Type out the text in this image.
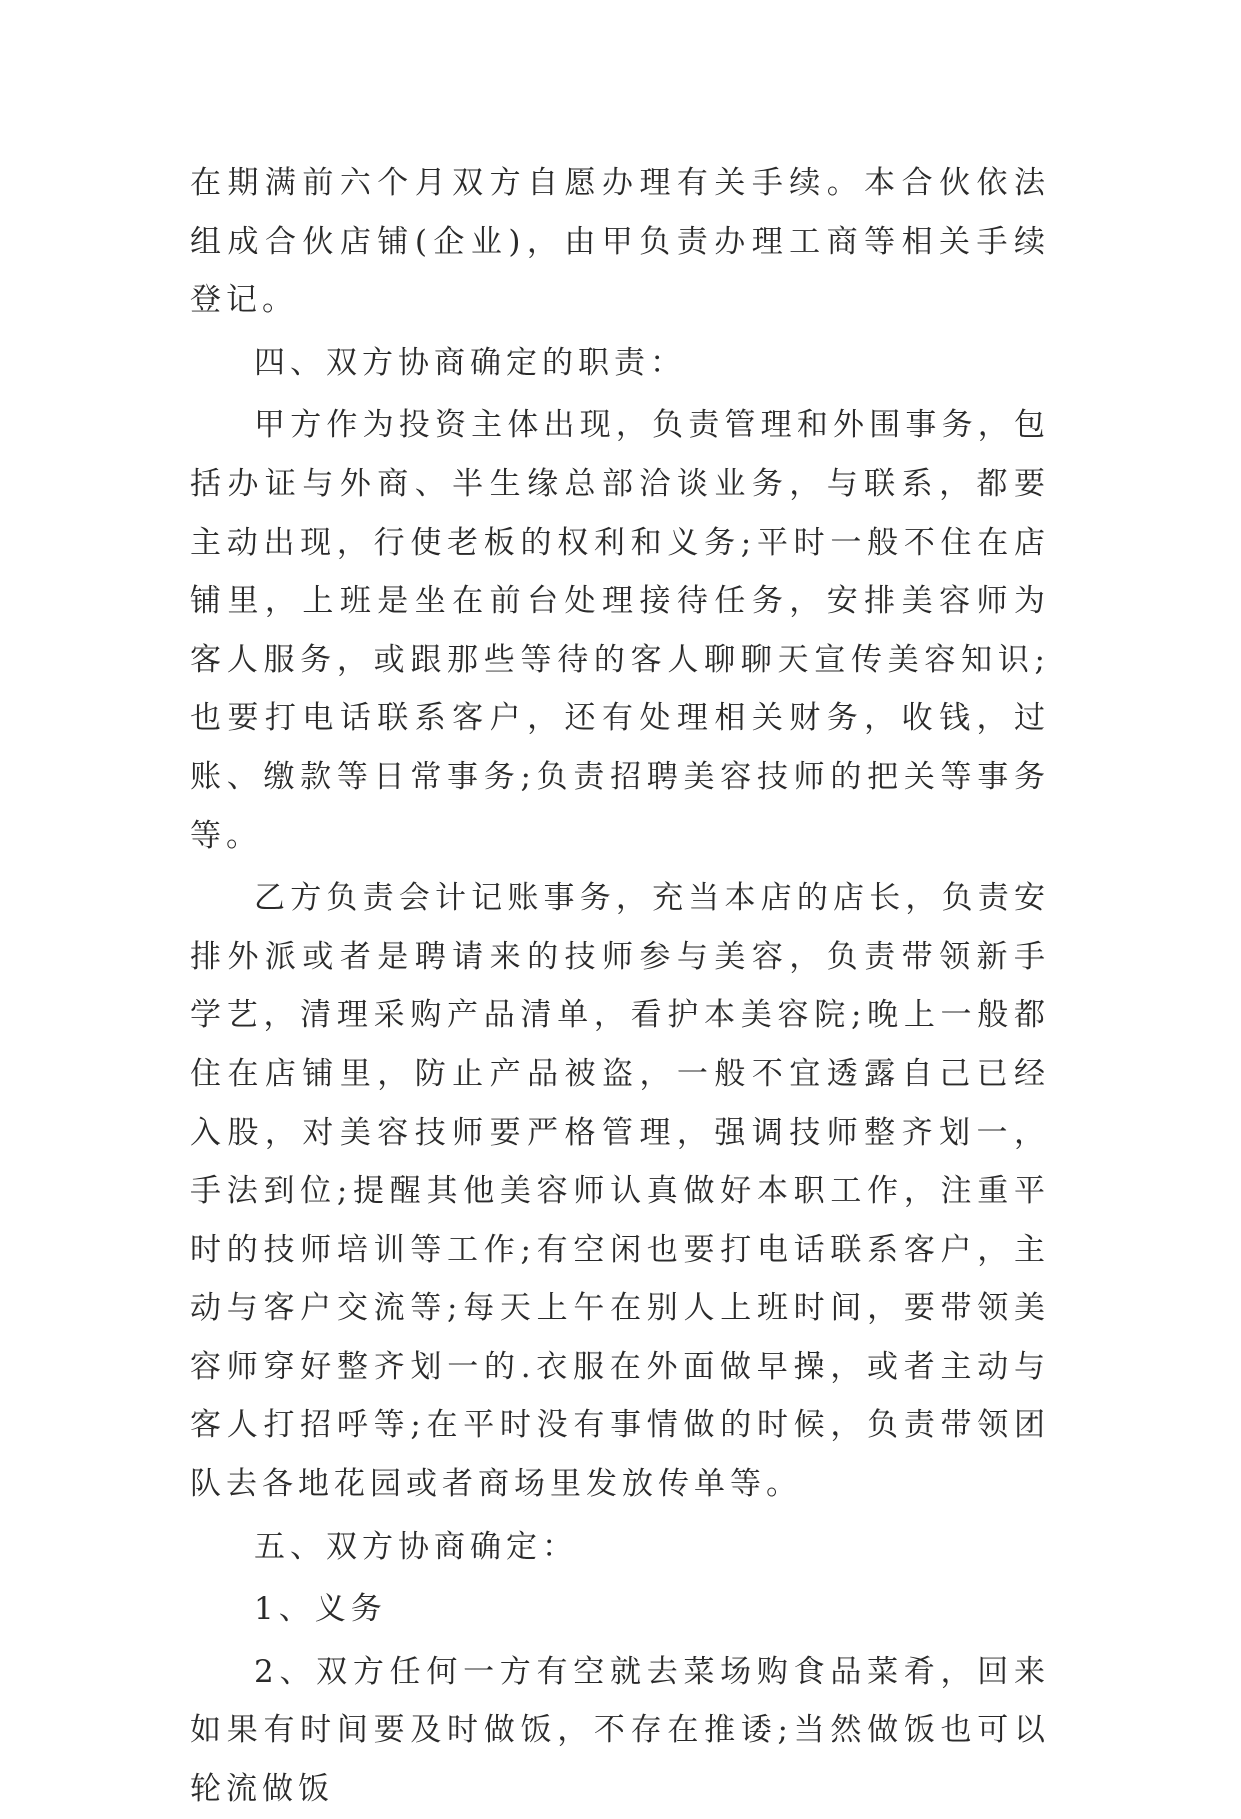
在期满前六个月双方自愿办理有关手续。本合伙依法组成合伙店铺(企业)，由甲负责办理工商等相关手续登记。

四、双方协商确定的职责：

甲方作为投资主体出现，负责管理和外围事务，包括办证与外商、半生缘总部洽谈业务，与联系，都要主动出现，行使老板的权利和义务;平时一般不住在店铺里，上班是坐在前台处理接待任务，安排美容师为客人服务，或跟那些等待的客人聊聊天宣传美容知识;也要打电话联系客户，还有处理相关财务，收钱，过账、缴款等日常事务;负责招聘美容技师的把关等事务等。

乙方负责会计记账事务，充当本店的店长，负责安排外派或者是聘请来的技师参与美容，负责带领新手学艺，清理采购产品清单，看护本美容院;晚上一般都住在店铺里，防止产品被盗，一般不宜透露自己已经入股，对美容技师要严格管理，强调技师整齐划一，手法到位;提醒其他美容师认真做好本职工作，注重平时的技师培训等工作;有空闲也要打电话联系客户，主动与客户交流等;每天上午在别人上班时间，要带领美容师穿好整齐划一的.衣服在外面做早操，或者主动与客人打招呼等;在平时没有事情做的时候，负责带领团队去各地花园或者商场里发放传单等。

五、双方协商确定：

1、义务

2、双方任何一方有空就去菜场购食品菜肴，回来如果有时间要及时做饭，不存在推诿;当然做饭也可以轮流做饭
